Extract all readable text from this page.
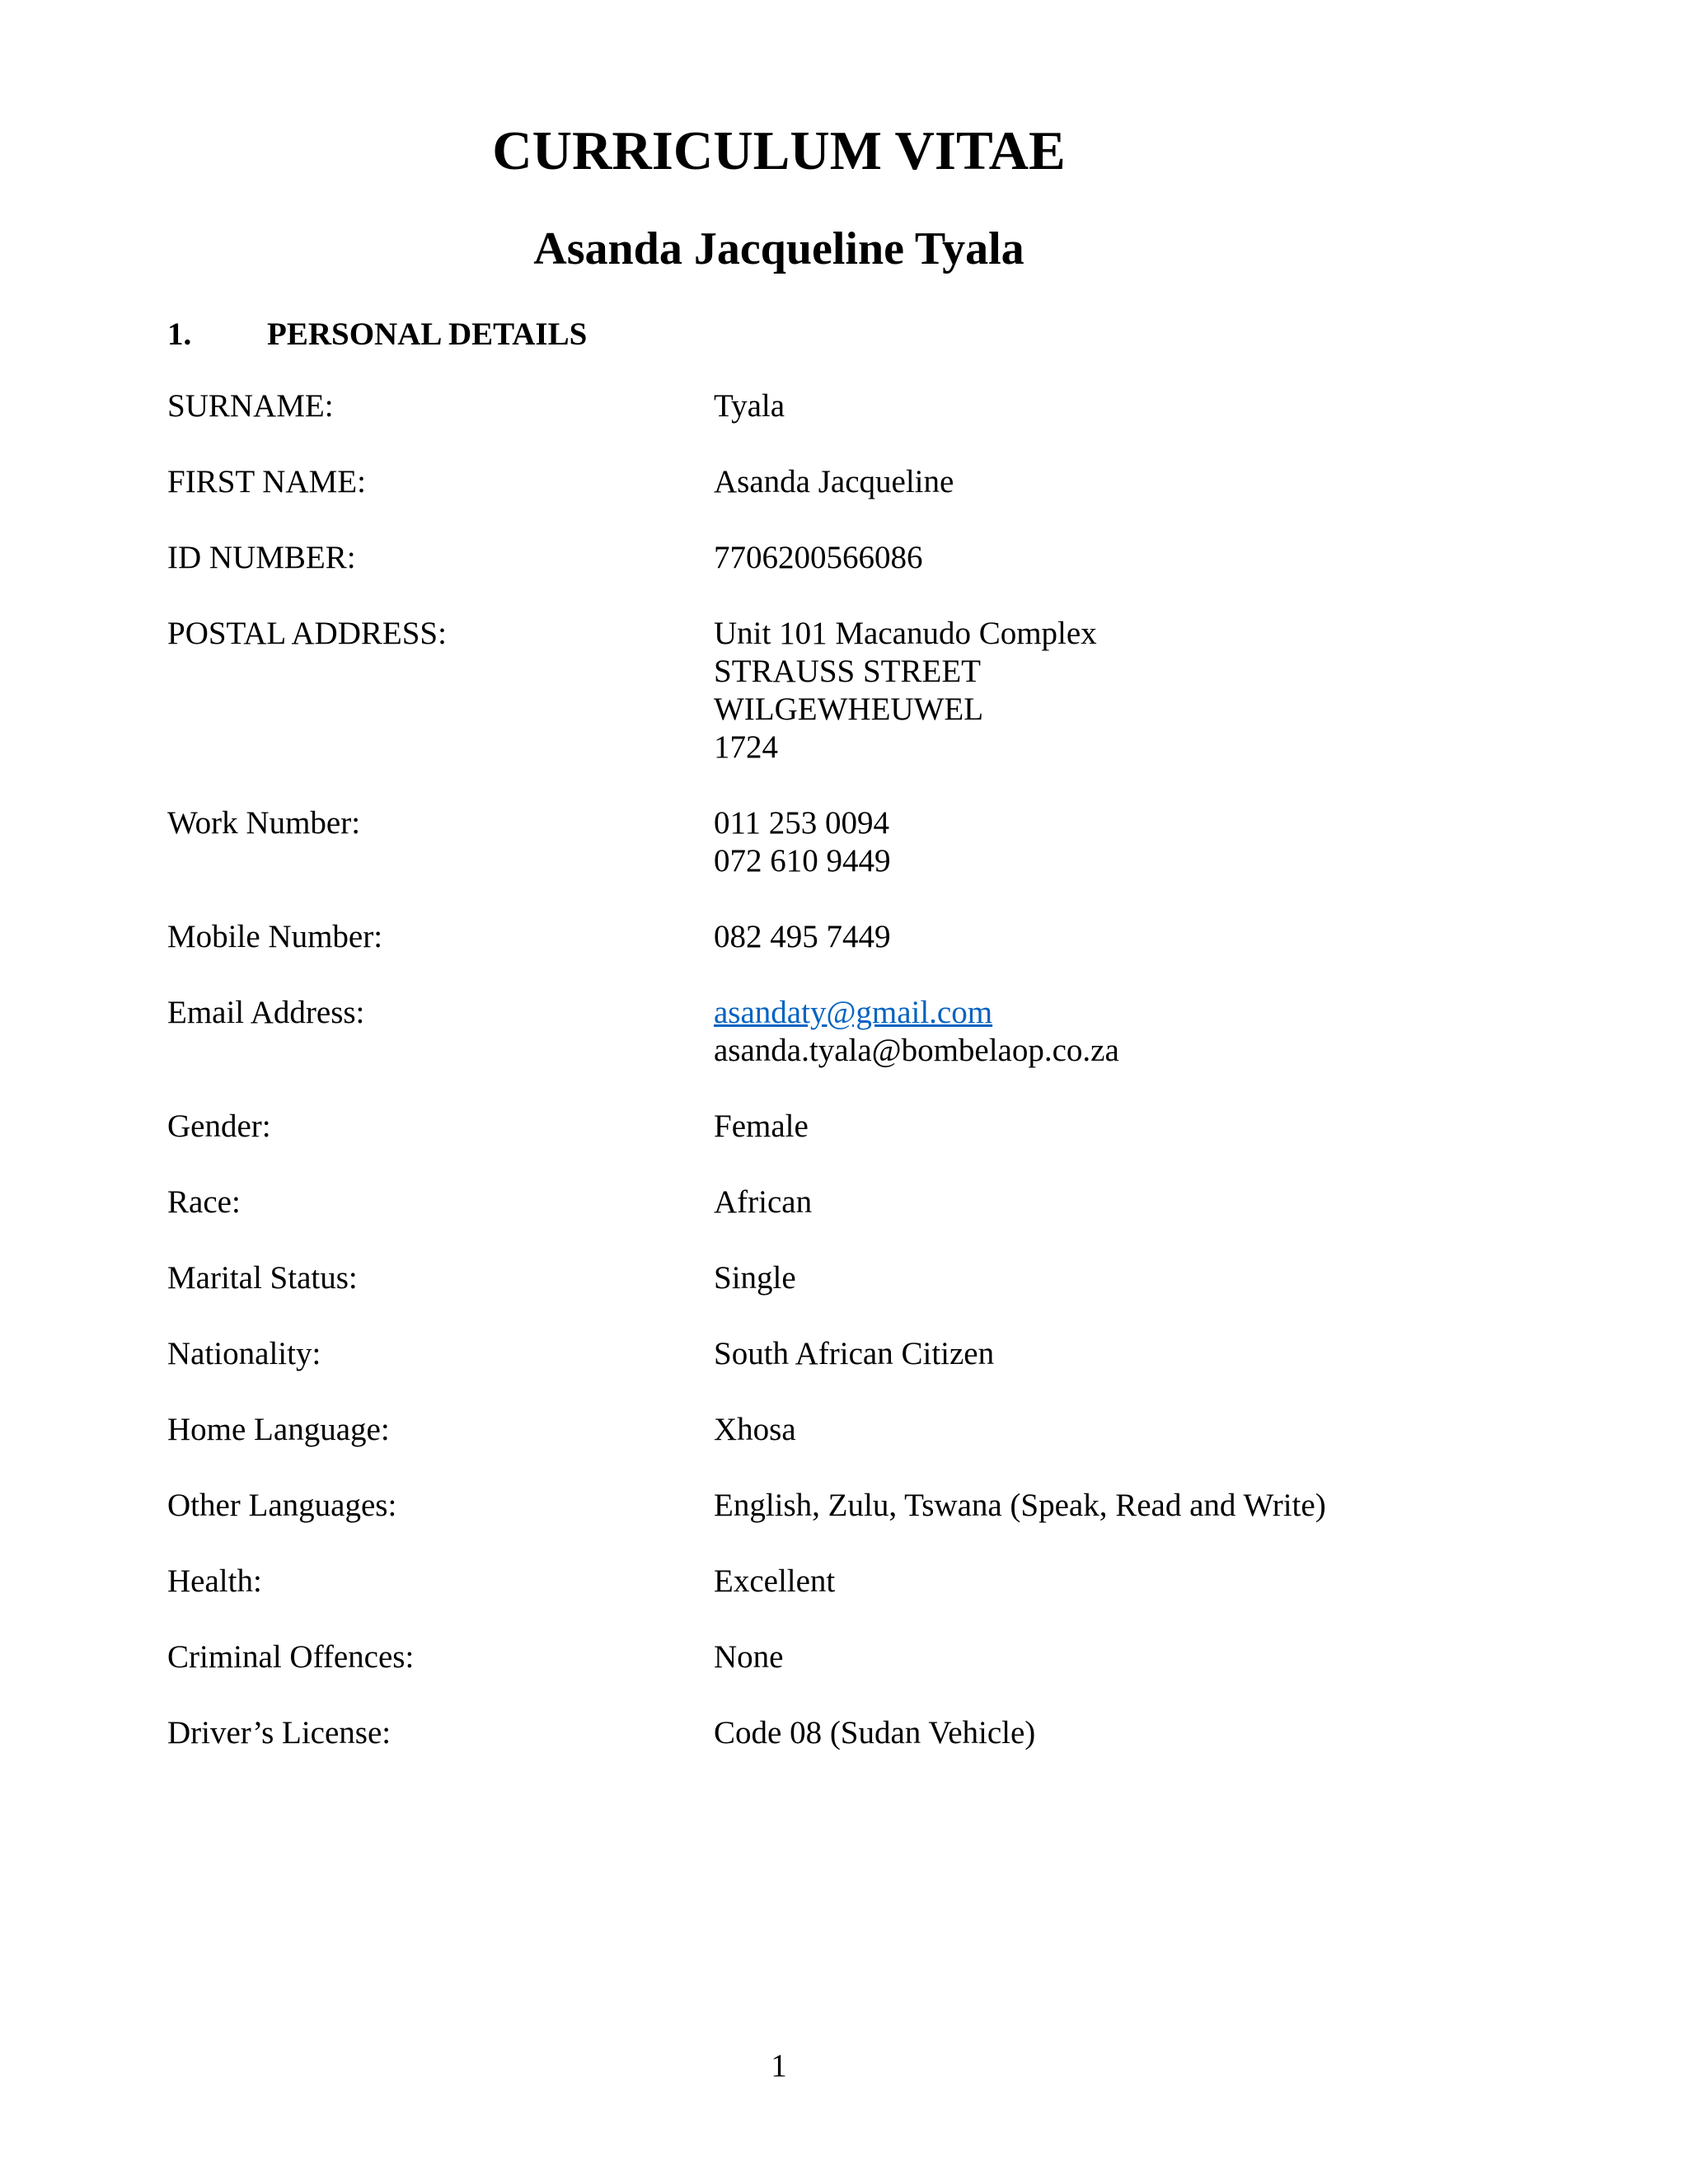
CURRICULUM VITAE
Asanda Jacqueline Tyala
1. PERSONAL DETAILS
SURNAME:	Tyala
FIRST NAME:	Asanda Jacqueline
ID NUMBER:	7706200566086
POSTAL ADDRESS:	Unit 101 Macanudo Complex
STRAUSS STREET
WILGEWHEUWEL
1724
Work Number:	011 253 0094
072 610 9449
Mobile Number:	082 495 7449
Email Address:	asandaty@gmail.com
asanda.tyala@bombelaop.co.za
Gender:	Female
Race:	African
Marital Status:	Single
Nationality:	South African Citizen
Home Language:	Xhosa
Other Languages:	English, Zulu, Tswana (Speak, Read and Write)
Health:	Excellent
Criminal Offences:	None
Driver’s License:	Code 08 (Sudan Vehicle)
1
